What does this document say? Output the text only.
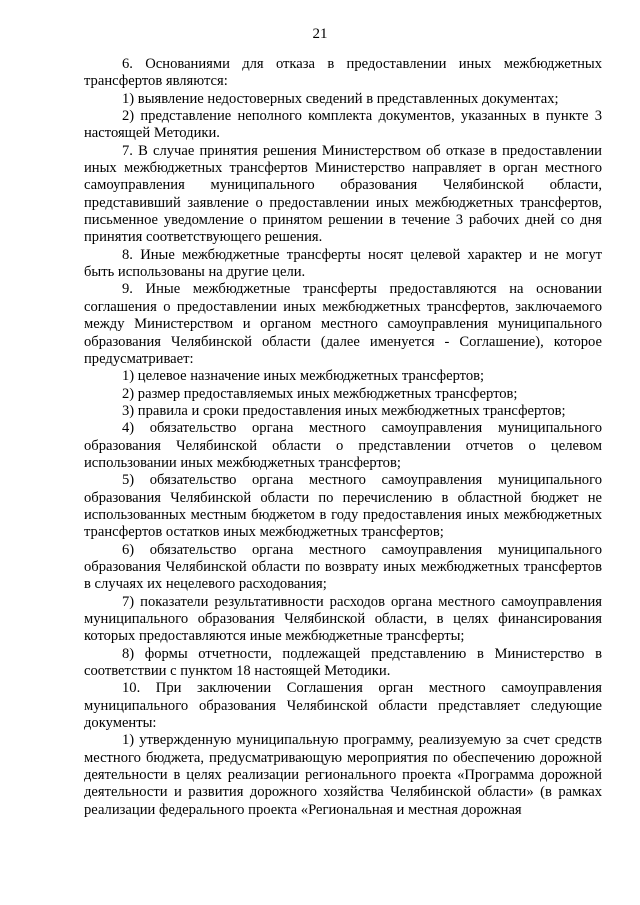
21

6. Основаниями для отказа в предоставлении иных межбюджетных трансфертов являются:

1) выявление недостоверных сведений в представленных документах;

2) представление неполного комплекта документов, указанных в пункте 3 настоящей Методики.

7. В случае принятия решения Министерством об отказе в предоставлении иных межбюджетных трансфертов Министерство направляет в орган местного самоуправления муниципального образования Челябинской области, представивший заявление о предоставлении иных межбюджетных трансфертов, письменное уведомление о принятом решении в течение 3 рабочих дней со дня принятия соответствующего решения.

8. Иные межбюджетные трансферты носят целевой характер и не могут быть использованы на другие цели.

9. Иные межбюджетные трансферты предоставляются на основании соглашения о предоставлении иных межбюджетных трансфертов, заключаемого между Министерством и органом местного самоуправления муниципального образования Челябинской области (далее именуется - Соглашение), которое предусматривает:

1) целевое назначение иных межбюджетных трансфертов;

2) размер предоставляемых иных межбюджетных трансфертов;

3) правила и сроки предоставления иных межбюджетных трансфертов;

4) обязательство органа местного самоуправления муниципального образования Челябинской области о представлении отчетов о целевом использовании иных межбюджетных трансфертов;

5) обязательство органа местного самоуправления муниципального образования Челябинской области по перечислению в областной бюджет не использованных местным бюджетом в году предоставления иных межбюджетных трансфертов остатков иных межбюджетных трансфертов;

6) обязательство органа местного самоуправления муниципального образования Челябинской области по возврату иных межбюджетных трансфертов в случаях их нецелевого расходования;

7) показатели результативности расходов органа местного самоуправления муниципального образования Челябинской области, в целях финансирования которых предоставляются иные межбюджетные трансферты;

8) формы отчетности, подлежащей представлению в Министерство в соответствии с пунктом 18 настоящей Методики.

10. При заключении Соглашения орган местного самоуправления муниципального образования Челябинской области представляет следующие документы:

1) утвержденную муниципальную программу, реализуемую за счет средств местного бюджета, предусматривающую мероприятия по обеспечению дорожной деятельности в целях реализации регионального проекта «Программа дорожной деятельности и развития дорожного хозяйства Челябинской области» (в рамках реализации федерального проекта «Региональная и местная дорожная
